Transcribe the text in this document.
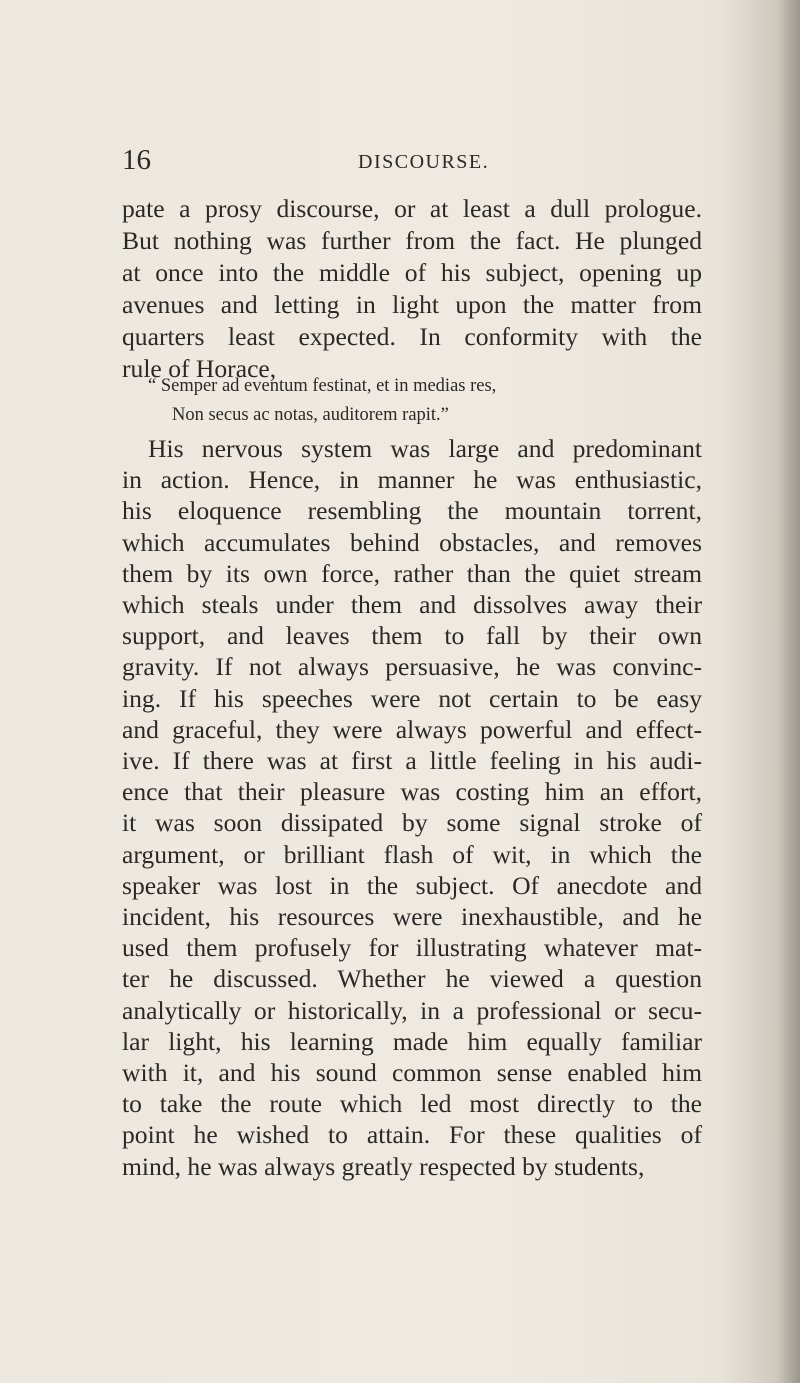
16	DISCOURSE.
pate a prosy discourse, or at least a dull prologue.
But nothing was further from the fact. He plunged
at once into the middle of his subject, opening up
avenues and letting in light upon the matter from
quarters least expected. In conformity with the
rule of Horace,
“ Semper ad eventum festinat, et in medias res,
Non secus ac notas, auditorem rapit.”
His nervous system was large and predominant
in action. Hence, in manner he was enthusiastic,
his eloquence resembling the mountain torrent,
which accumulates behind obstacles, and removes
them by its own force, rather than the quiet stream
which steals under them and dissolves away their
support, and leaves them to fall by their own
gravity. If not always persuasive, he was convinc-
ing. If his speeches were not certain to be easy
and graceful, they were always powerful and effect-
ive. If there was at first a little feeling in his audi-
ence that their pleasure was costing him an effort,
it was soon dissipated by some signal stroke of
argument, or brilliant flash of wit, in which the
speaker was lost in the subject. Of anecdote and
incident, his resources were inexhaustible, and he
used them profusely for illustrating whatever mat-
ter he discussed. Whether he viewed a question
analytically or historically, in a professional or secu-
lar light, his learning made him equally familiar
with it, and his sound common sense enabled him
to take the route which led most directly to the
point he wished to attain. For these qualities of
mind, he was always greatly respected by students,
